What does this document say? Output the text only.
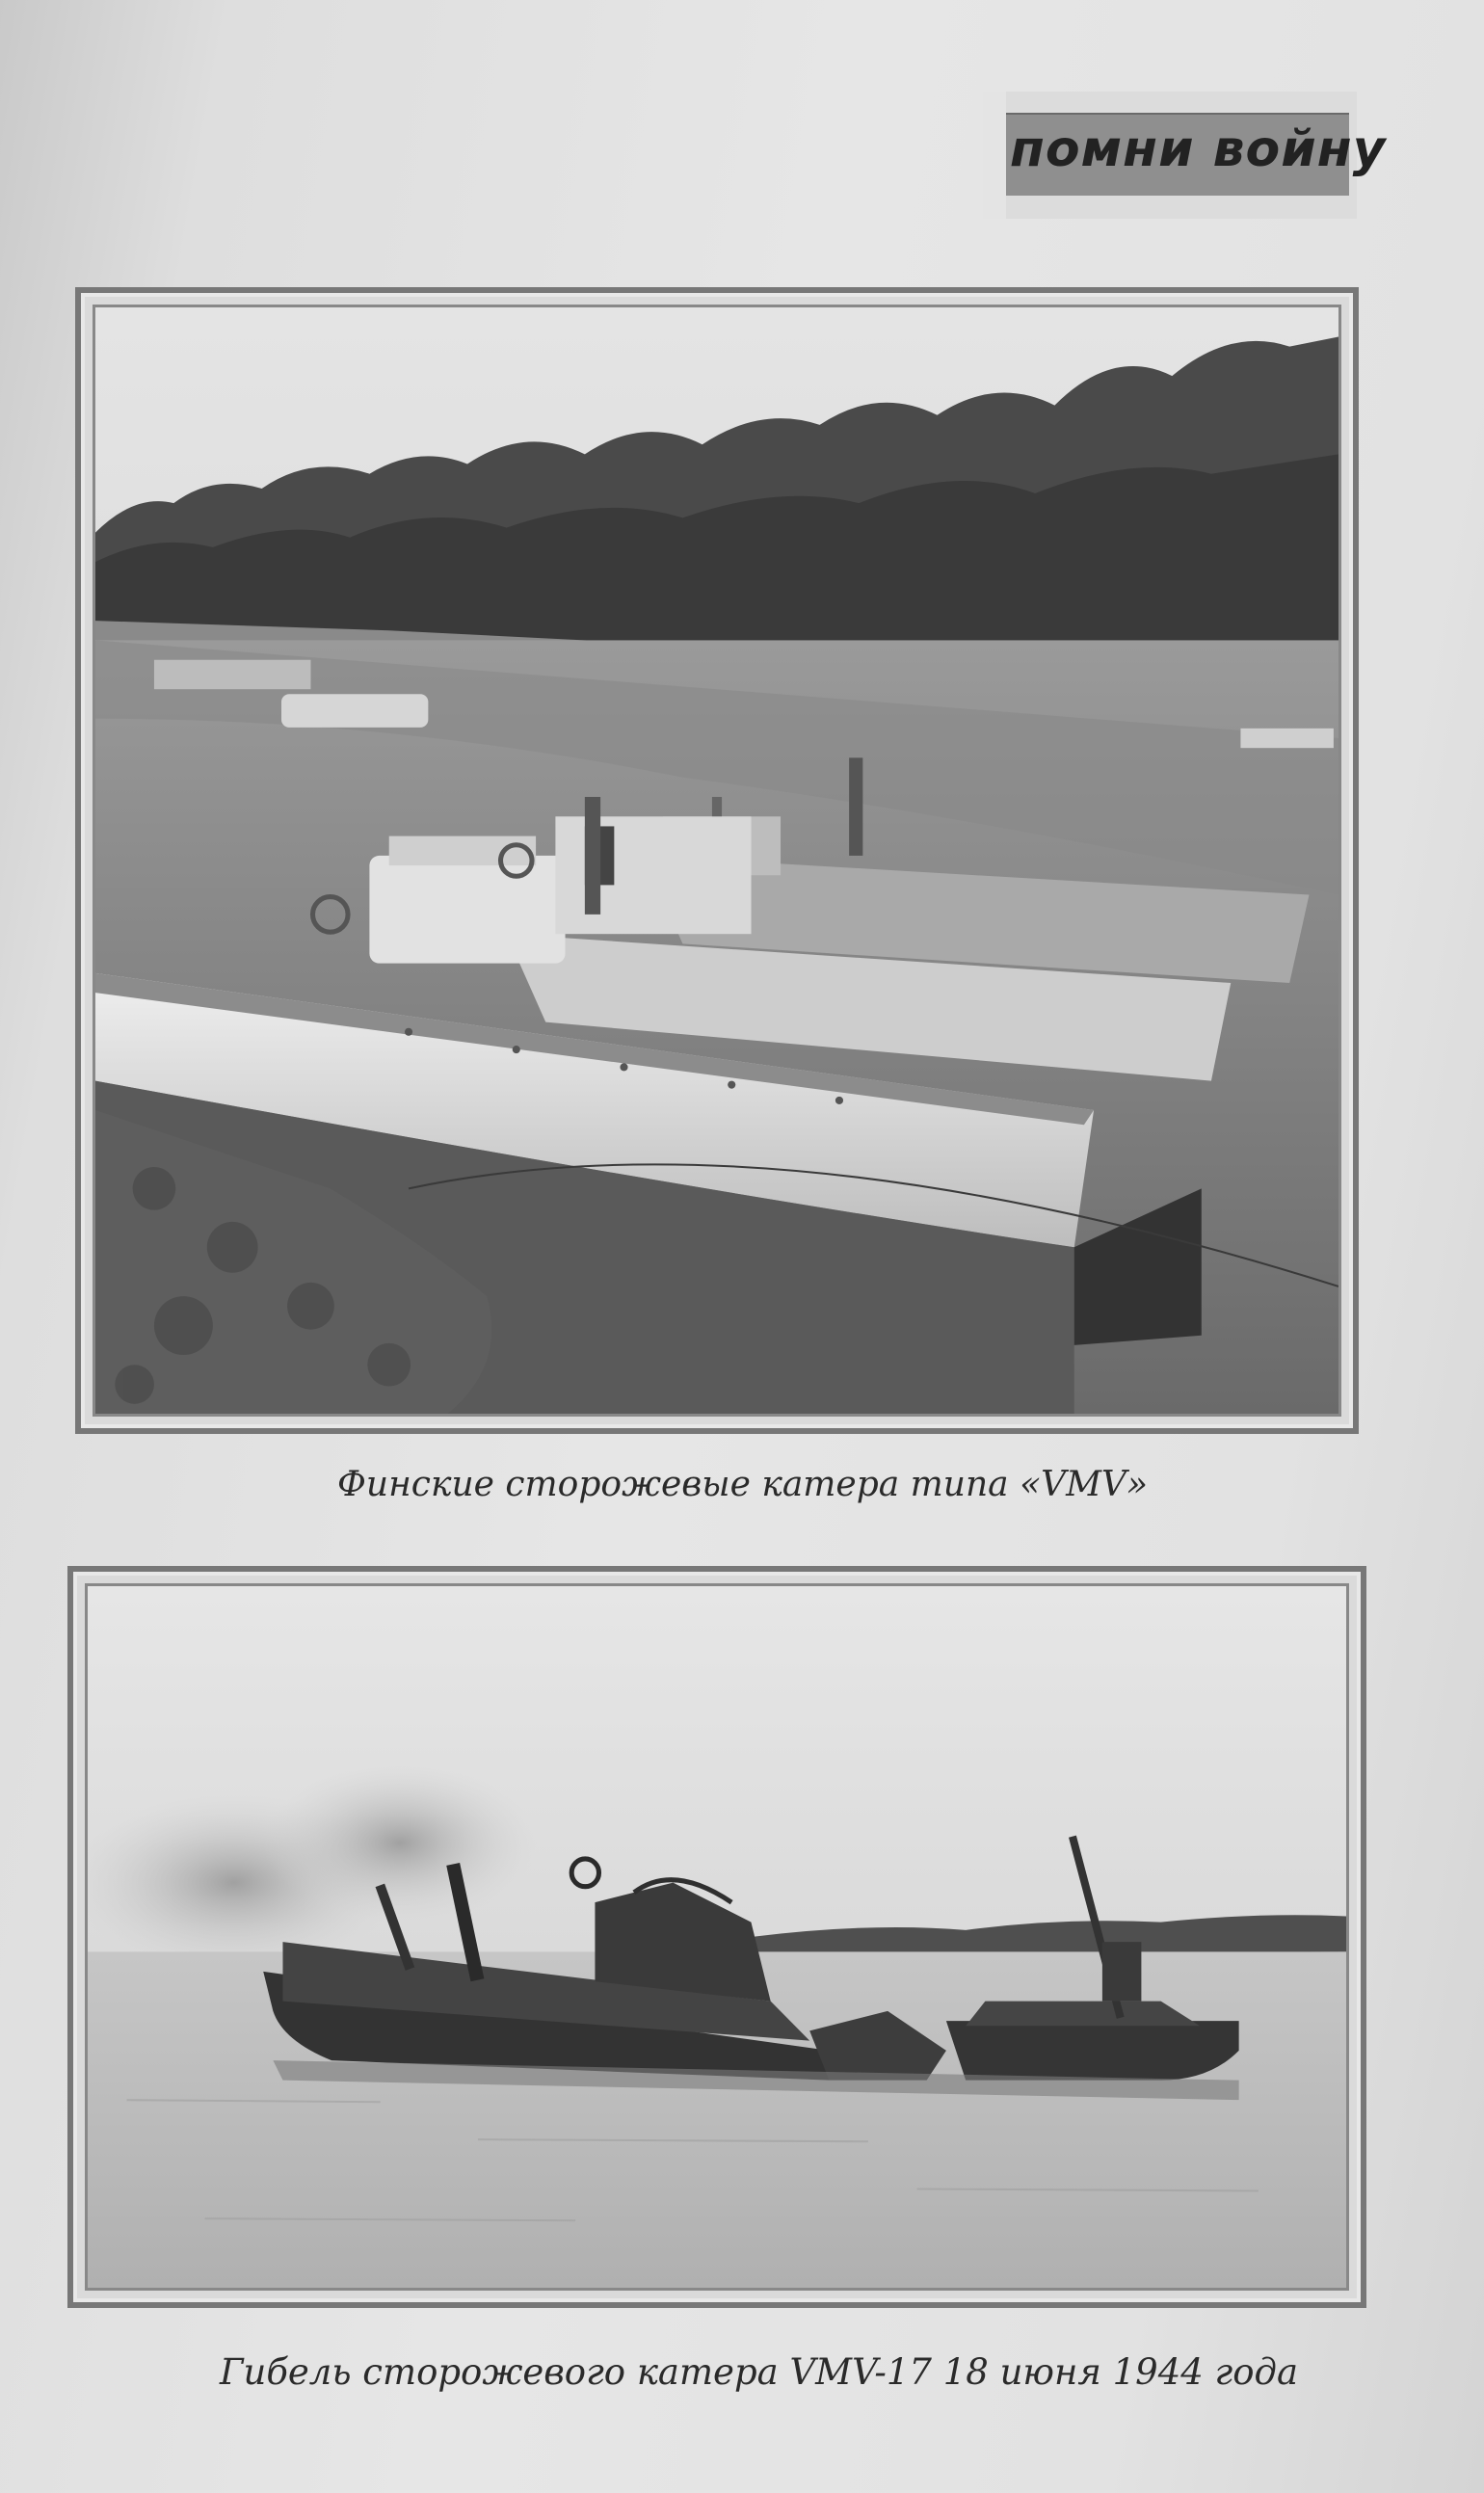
помни войну
Финские сторожевые катера типа «VMV»
Гибель сторожевого катера VMV-17 18 июня 1944 года
